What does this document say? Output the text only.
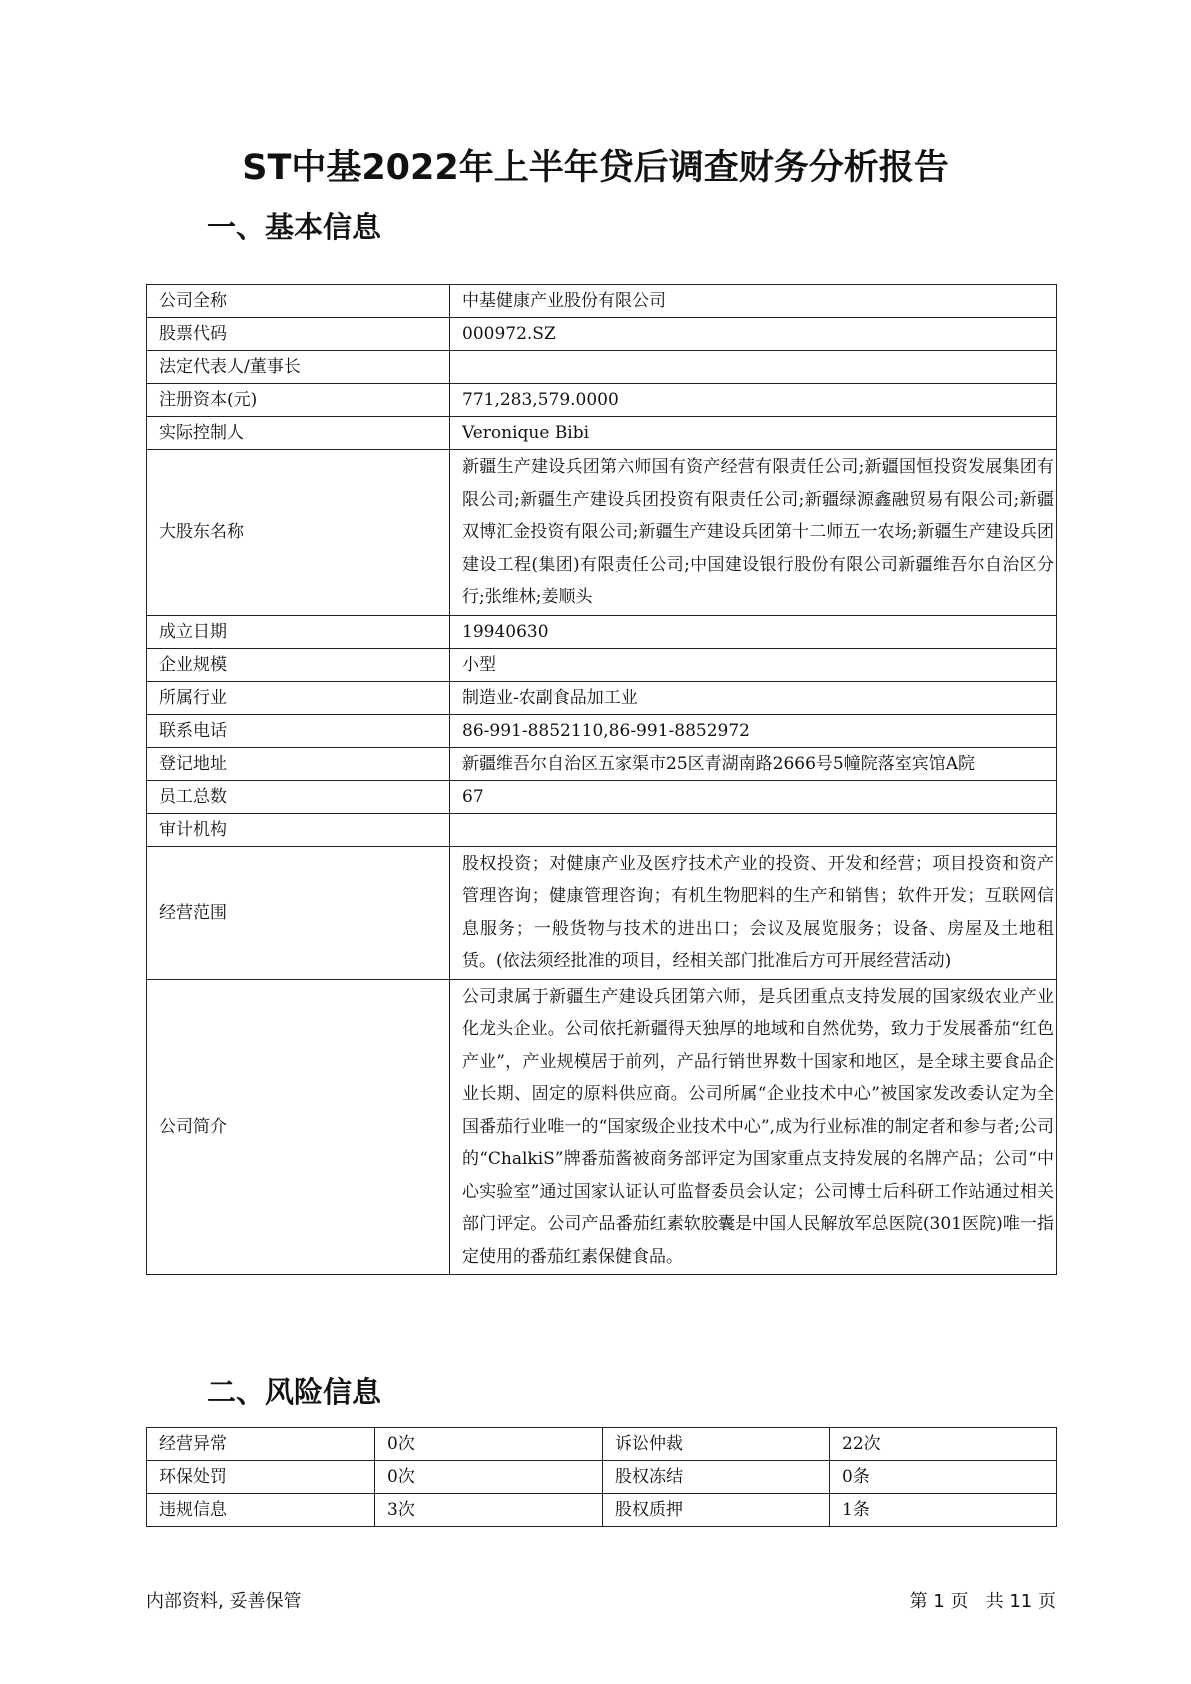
ST中基2022年上半年贷后调查财务分析报告
一、基本信息
公司全称	中基健康产业股份有限公司
股票代码	000972.SZ
法定代表人/董事长	
注册资本(元)	771,283,579.0000
实际控制人	Veronique Bibi
大股东名称	新疆生产建设兵团第六师国有资产经营有限责任公司;新疆国恒投资发展集团有限公司;新疆生产建设兵团投资有限责任公司;新疆绿源鑫融贸易有限公司;新疆双博汇金投资有限公司;新疆生产建设兵团第十二师五一农场;新疆生产建设兵团建设工程(集团)有限责任公司;中国建设银行股份有限公司新疆维吾尔自治区分行;张维林;姜顺头
成立日期	19940630
企业规模	小型
所属行业	制造业-农副食品加工业
联系电话	86-991-8852110,86-991-8852972
登记地址	新疆维吾尔自治区五家渠市25区青湖南路2666号5幢院落室宾馆A院
员工总数	67
审计机构	
经营范围	股权投资；对健康产业及医疗技术产业的投资、开发和经营；项目投资和资产管理咨询；健康管理咨询；有机生物肥料的生产和销售；软件开发；互联网信息服务；一般货物与技术的进出口；会议及展览服务；设备、房屋及土地租赁。(依法须经批准的项目，经相关部门批准后方可开展经营活动)
公司简介	公司隶属于新疆生产建设兵团第六师，是兵团重点支持发展的国家级农业产业化龙头企业。公司依托新疆得天独厚的地域和自然优势，致力于发展番茄“红色产业”，产业规模居于前列，产品行销世界数十国家和地区，是全球主要食品企业长期、固定的原料供应商。公司所属“企业技术中心”被国家发改委认定为全国番茄行业唯一的“国家级企业技术中心”,成为行业标准的制定者和参与者;公司的“ChalkiS”牌番茄酱被商务部评定为国家重点支持发展的名牌产品；公司“中心实验室”通过国家认证认可监督委员会认定；公司博士后科研工作站通过相关部门评定。公司产品番茄红素软胶囊是中国人民解放军总医院(301医院)唯一指定使用的番茄红素保健食品。
二、风险信息
经营异常	0次	诉讼仲裁	22次
环保处罚	0次	股权冻结	0条
违规信息	3次	股权质押	1条
内部资料, 妥善保管	第 1 页   共 11 页
